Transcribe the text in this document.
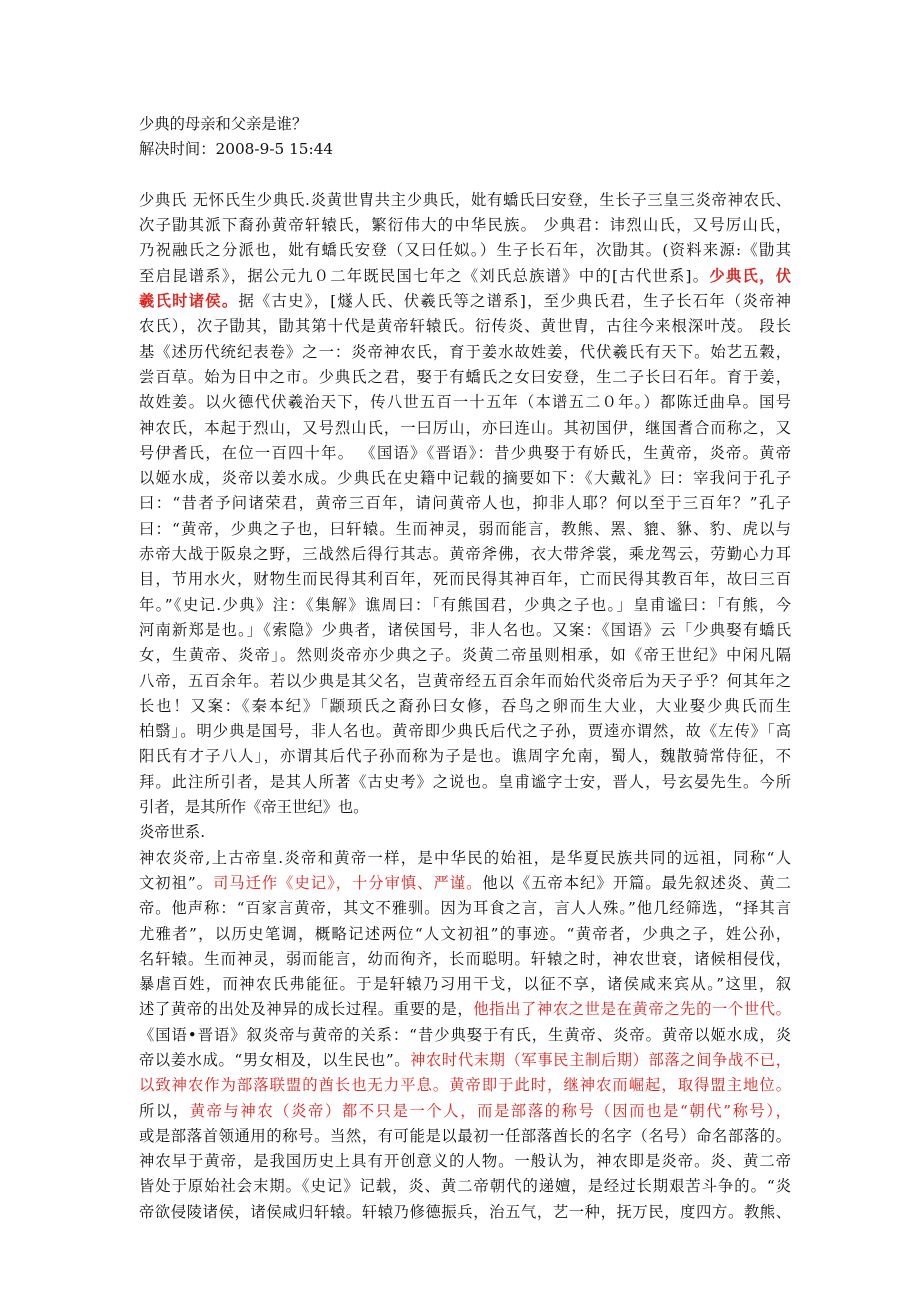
少典的母亲和父亲是谁？
解决时间：2008-9-5 15:44
少典氏 无怀氏生少典氏.炎黄世胄共主少典氏，妣有蟜氏曰安登，生长子三皇三炎帝神农氏、
次子勖其派下裔孙黄帝轩辕氏，繁衍伟大的中华民族。 少典君：讳烈山氏，又号厉山氏，
乃祝融氏之分派也，妣有蟜氏安登（又曰任姒。）生子长石年，次勖其。(资料来源:《勖其
至启昆谱系》，据公元九０二年既民国七年之《刘氏总族谱》中的[古代世系]。少典氏，伏
羲氏时诸侯。据《古史》，[燧人氏、伏羲氏等之谱系]，至少典氏君，生子长石年（炎帝神
农氏），次子勖其，勖其第十代是黄帝轩辕氏。衍传炎、黄世胄，古往今来根深叶茂。 段长
基《述历代统纪表卷》之一：炎帝神农氏，育于姜水故姓姜，代伏羲氏有天下。始艺五穀，
尝百草。始为日中之市。少典氏之君，娶于有蟜氏之女曰安登，生二子长曰石年。育于姜，
故姓姜。以火德代伏羲治天下，传八世五百一十五年（本谱五二０年。）都陈迁曲阜。国号
神农氏，本起于烈山，又号烈山氏，一曰厉山，亦曰连山。其初国伊，继国耆合而称之，又
号伊耆氏，在位一百四十年。 《国语》《晋语》：昔少典娶于有娇氏，生黄帝，炎帝。黄帝
以姬水成，炎帝以姜水成。少典氏在史籍中记载的摘要如下：《大戴礼》曰：宰我问于孔子
曰：“昔者予问诸荣君，黄帝三百年，请问黄帝人也，抑非人耶？何以至于三百年？”孔子
曰：“黄帝，少典之子也，曰轩辕。生而神灵，弱而能言，教熊、罴、貔、貅、豹、虎以与
赤帝大战于阪泉之野，三战然后得行其志。黄帝斧佛，衣大带斧裳，乘龙驾云，劳勤心力耳
目，节用水火，财物生而民得其利百年，死而民得其神百年，亡而民得其教百年，故曰三百
年。”《史记.少典》注：《集解》谯周曰：「有熊国君，少典之子也。」皇甫谧曰：「有熊，今
河南新郑是也。」《索隐》少典者，诸侯国号，非人名也。又案：《国语》云「少典娶有蟜氏
女，生黄帝、炎帝」。然则炎帝亦少典之子。炎黄二帝虽则相承，如《帝王世纪》中闲凡隔
八帝，五百余年。若以少典是其父名，岂黄帝经五百余年而始代炎帝后为天子乎？何其年之
长也！又案：《秦本纪》「颛顼氏之裔孙曰女修，吞鸟之卵而生大业，大业娶少典氏而生
柏翳」。明少典是国号，非人名也。黄帝即少典氏后代之子孙，贾逵亦谓然，故《左传》「高
阳氏有才子八人」，亦谓其后代子孙而称为子是也。谯周字允南，蜀人，魏散骑常侍征，不
拜。此注所引者，是其人所著《古史考》之说也。皇甫谧字士安，晋人，号玄晏先生。今所
引者，是其所作《帝王世纪》也。
炎帝世系.
神农炎帝,上古帝皇.炎帝和黄帝一样，是中华民的始祖，是华夏民族共同的远祖，同称“人
文初祖”。司马迁作《史记》，十分审慎、严谨。他以《五帝本纪》开篇。最先叙述炎、黄二
帝。他声称：“百家言黄帝，其文不雅驯。因为耳食之言，言人人殊。”他几经筛选，“择其言
尤雅者”，以历史笔调，概略记述两位“人文初祖”的事迹。“黄帝者，少典之子，姓公孙，
名轩辕。生而神灵，弱而能言，幼而徇齐，长而聪明。轩辕之时，神农世衰，诸候相侵伐，
暴虐百姓，而神农氏弗能征。于是轩辕乃习用干戈，以征不享，诸侯咸来宾从。”这里，叙
述了黄帝的出处及神异的成长过程。重要的是，他指出了神农之世是在黄帝之先的一个世代。
《国语•晋语》叙炎帝与黄帝的关系：“昔少典娶于有氏，生黄帝、炎帝。黄帝以姬水成，炎
帝以姜水成。“男女相及，以生民也”。神农时代末期（军事民主制后期）部落之间争战不已，
以致神农作为部落联盟的酋长也无力平息。黄帝即于此时，继神农而崛起，取得盟主地位。
所以，黄帝与神农（炎帝）都不只是一个人，而是部落的称号（因而也是“朝代”称号），
或是部落首领通用的称号。当然，有可能是以最初一任部落酋长的名字（名号）命名部落的。
神农早于黄帝，是我国历史上具有开创意义的人物。一般认为，神农即是炎帝。炎、黄二帝
皆处于原始社会末期。《史记》记载，炎、黄二帝朝代的递嬗，是经过长期艰苦斗争的。“炎
帝欲侵陵诸侯，诸侯咸归轩辕。轩辕乃修德振兵，治五气，艺一种，抚万民，度四方。教熊、
